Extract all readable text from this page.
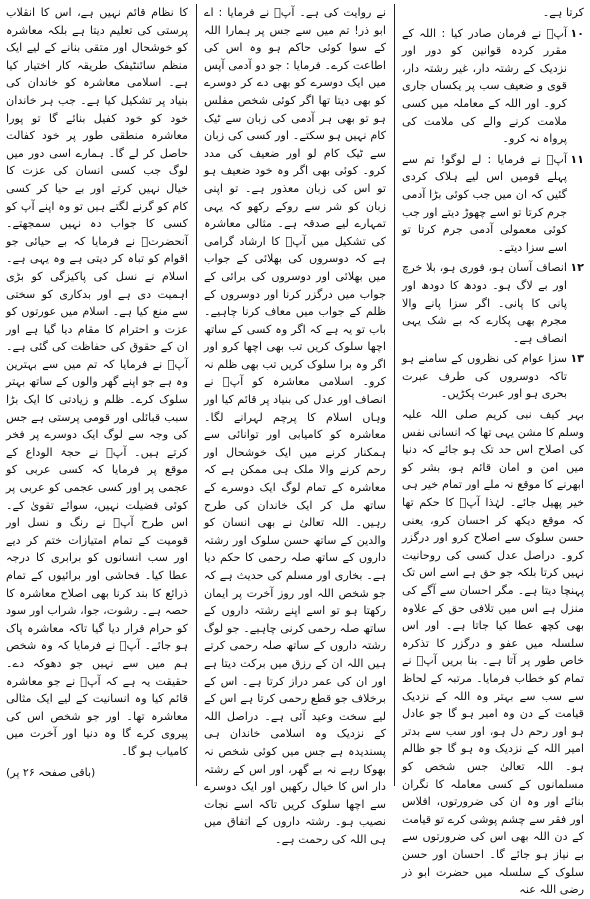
کرتا ہے۔

۱۰
آپؐ نے فرمان صادر کیا : اللہ کے مقرر کردہ قوانین کو دور اور نزدیک کے رشتہ دار، غیر رشتہ دار، قوی و ضعیف سب پر یکساں جاری کرو۔ اور اللہ کے معاملہ میں کسی ملامت کرنے والے کی ملامت کی پرواہ نہ کرو۔
۱۱
آپؐ نے فرمایا : لے لوگو! تم سے پہلے قومیں اس لیے ہلاک کردی گئیں کہ ان میں جب کوئی بڑا آدمی جرم کرتا تو اسے چھوڑ دیتے اور جب کوئی معمولی آدمی جرم کرتا تو اسے سزا دیتے۔
۱۲
انصاف آسان ہو، فوری ہو، بلا خرچ اور بے لاگ ہو۔ دودھ کا دودھ اور پانی کا پانی۔ اگر سزا پانے والا مجرم بھی پکارے کہ بے شک یہی انصاف ہے۔
۱۳
سزا عوام کی نظروں کے سامنے ہو تاکہ دوسروں کی طرف عبرت بحری ہو اور عبرت پکڑیں۔

بہر کیف نبی کریم صلی اللہ علیہ وسلم کا مشن یہی تھا کہ انسانی نفس کی اصلاح اس حد تک ہو جائے کہ دنیا میں امن و امان قائم ہو، بشر کو ابھرنے کا موقع نہ ملے اور تمام خیر ہی خیر پھیل جائے۔ لہٰذا آپؐ کا حکم تھا کہ موقع دیکھ کر احسان کرو، یعنی حسن سلوک سے اصلاح کرو اور درگزر کرو۔ دراصل عدل کسی کی روحانیت نہیں کرتا بلکہ جو حق ہے اسے اس تک پہنچا دیتا ہے۔ مگر احسان سے آگے کی منزل ہے اس میں تلافی حق کے علاوہ بھی کچھ عطا کیا جاتا ہے۔ اور اس سلسلہ میں عفو و درگزر کا تذکرہ خاص طور پر آتا ہے۔ بنا بریں آپؐ نے تمام کو خطاب فرمایا۔ مرتبہ کے لحاظ سے سب سے بہتر وہ اللہ کے نزدیک قیامت کے دن وہ امیر ہو گا جو عادل ہو اور رحم دل ہو، اور سب سے بدتر امیر اللہ کے نزدیک وہ ہو گا جو ظالم ہو۔ اللہ تعالیٰ جس شخص کو مسلمانوں کے کسی معاملہ کا نگران بنائے اور وہ ان کی ضرورتوں، افلاس اور فقر سے چشم پوشی کرے تو قیامت کے دن اللہ بھی اس کی ضرورتوں سے بے نیاز ہو جائے گا۔ احسان اور حسن سلوک کے سلسلہ میں حضرت ابو ذر رضی اللہ عنہ

نے روایت کی ہے۔ آپؐ نے فرمایا : اے ابو ذر! تم میں سے جس پر ہمارا اللہ کے سوا کوئی حاکم ہو وہ اس کی اطاعت کرے۔ فرمایا : جو دو آدمی آپس میں ایک دوسرے کو بھی دے کر دوسرے کو بھی دیتا تھا اگر کوئی شخص مفلس ہو تو بھی ہر آدمی کی زبان سے ٹیک کام نہیں ہو سکتے۔ اور کسی کی زبان سے ٹیک کام لو اور ضعیف کی مدد کرو۔ کوئی بھی اگر وہ خود ضعیف ہو تو اس کی زبان معذور ہے۔ تو اپنی زبان کو شر سے روکے رکھو کہ یہی تمہارے لیے صدقہ ہے۔ مثالی معاشرہ کی تشکیل میں آپؐ کا ارشاد گرامی ہے کہ دوسروں کی بھلائی کے جواب میں بھلائی اور دوسروں کی برائی کے جواب میں درگزر کرنا اور دوسروں کے ظلم کے جواب میں معاف کرنا چاہیے۔ باب تو یہ ہے کہ اگر وہ کسی کے ساتھ اچھا سلوک کریں تب بھی اچھا کرو اور اگر وہ برا سلوک کریں تب بھی ظلم نہ کرو۔ اسلامی معاشرہ کو آپؐ نے انصاف اور عدل کی بنیاد پر قائم کیا اور وہاں اسلام کا پرچم لہرانے لگا۔ معاشرہ کو کامیابی اور توانائی سے ہمکنار کرنے میں ایک خوشحال اور رحم کرنے والا ملک ہی ممکن ہے کہ معاشرہ کے تمام لوگ ایک دوسرے کے ساتھ مل کر ایک خاندان کی طرح رہیں۔ اللہ تعالیٰ نے بھی انسان کو والدین کے ساتھ حسن سلوک اور رشتہ داروں کے ساتھ صلہ رحمی کا حکم دیا ہے۔ بخاری اور مسلم کی حدیث ہے کہ جو شخص اللہ اور روز آخرت پر ایمان رکھتا ہو تو اسے اپنے رشتہ داروں کے ساتھ صلہ رحمی کرنی چاہیے۔ جو لوگ رشتہ داروں کے ساتھ صلہ رحمی کرتے ہیں اللہ ان کے رزق میں برکت دیتا ہے اور ان کی عمر دراز کرتا ہے۔ اس کے برخلاف جو قطع رحمی کرتا ہے اس کے لیے سخت وعید آئی ہے۔ دراصل اللہ کے نزدیک وہ اسلامی خاندان ہی پسندیدہ ہے جس میں کوئی شخص نہ بھوکا رہے نہ بے گھر، اور اس کے رشتہ دار اس کا خیال رکھیں اور ایک دوسرے سے اچھا سلوک کریں تاکہ اسے نجات نصیب ہو۔ رشتہ داروں کے اتفاق میں ہی اللہ کی رحمت ہے۔

کا نظام قائم نہیں ہے، اس کا انقلاب پرستی کی تعلیم دیتا ہے بلکہ معاشرہ کو خوشحال اور متقی بنانے کے لیے ایک منظم سائنٹیفک طریقہ کار اختیار کیا ہے۔ اسلامی معاشرہ کو خاندان کی بنیاد پر تشکیل کیا ہے۔ جب ہر خاندان خود کو خود کفیل بنائے گا تو پورا معاشرہ منطقی طور پر خود کفالت حاصل کر لے گا۔ ہمارے اسی دور میں لوگ جب کسی انسان کی عزت کا خیال نہیں کرتے اور بے حیا کر کسی کام کو گرنے لگتے ہیں تو وہ اپنے آپ کو کسی کا جواب دہ نہیں سمجھتے۔ آنحضرتؐ نے فرمایا کہ بے حیائی جو اقوام کو تباہ کر دیتی ہے وہ یہی ہے۔ اسلام نے نسل کی پاکیزگی کو بڑی اہمیت دی ہے اور بدکاری کو سختی سے منع کیا ہے۔ اسلام میں عورتوں کو عزت و احترام کا مقام دیا گیا ہے اور ان کے حقوق کی حفاظت کی گئی ہے۔ آپؐ نے فرمایا کہ تم میں سے بہترین وہ ہے جو اپنے گھر والوں کے ساتھ بہتر سلوک کرے۔ ظلم و زیادتی کا ایک بڑا سبب قبائلی اور قومی پرستی ہے جس کی وجہ سے لوگ ایک دوسرے پر فخر کرتے ہیں۔ آپؐ نے حجۃ الوداع کے موقع پر فرمایا کہ کسی عربی کو عجمی پر اور کسی عجمی کو عربی پر کوئی فضیلت نہیں، سوائے تقویٰ کے۔ اس طرح آپؐ نے رنگ و نسل اور قومیت کے تمام امتیازات ختم کر دیے اور سب انسانوں کو برابری کا درجہ عطا کیا۔ فحاشی اور برائیوں کے تمام ذرائع کا بند کرنا بھی اصلاح معاشرہ کا حصہ ہے۔ رشوت، جوا، شراب اور سود کو حرام قرار دیا گیا تاکہ معاشرہ پاک ہو جائے۔ آپؐ نے فرمایا کہ وہ شخص ہم میں سے نہیں جو دھوکہ دے۔ حقیقت یہ ہے کہ آپؐ نے جو معاشرہ قائم کیا وہ انسانیت کے لیے ایک مثالی معاشرہ تھا۔ اور جو شخص اس کی پیروی کرے گا وہ دنیا اور آخرت میں کامیاب ہو گا۔

(باقی صفحہ ۲۶ پر)
